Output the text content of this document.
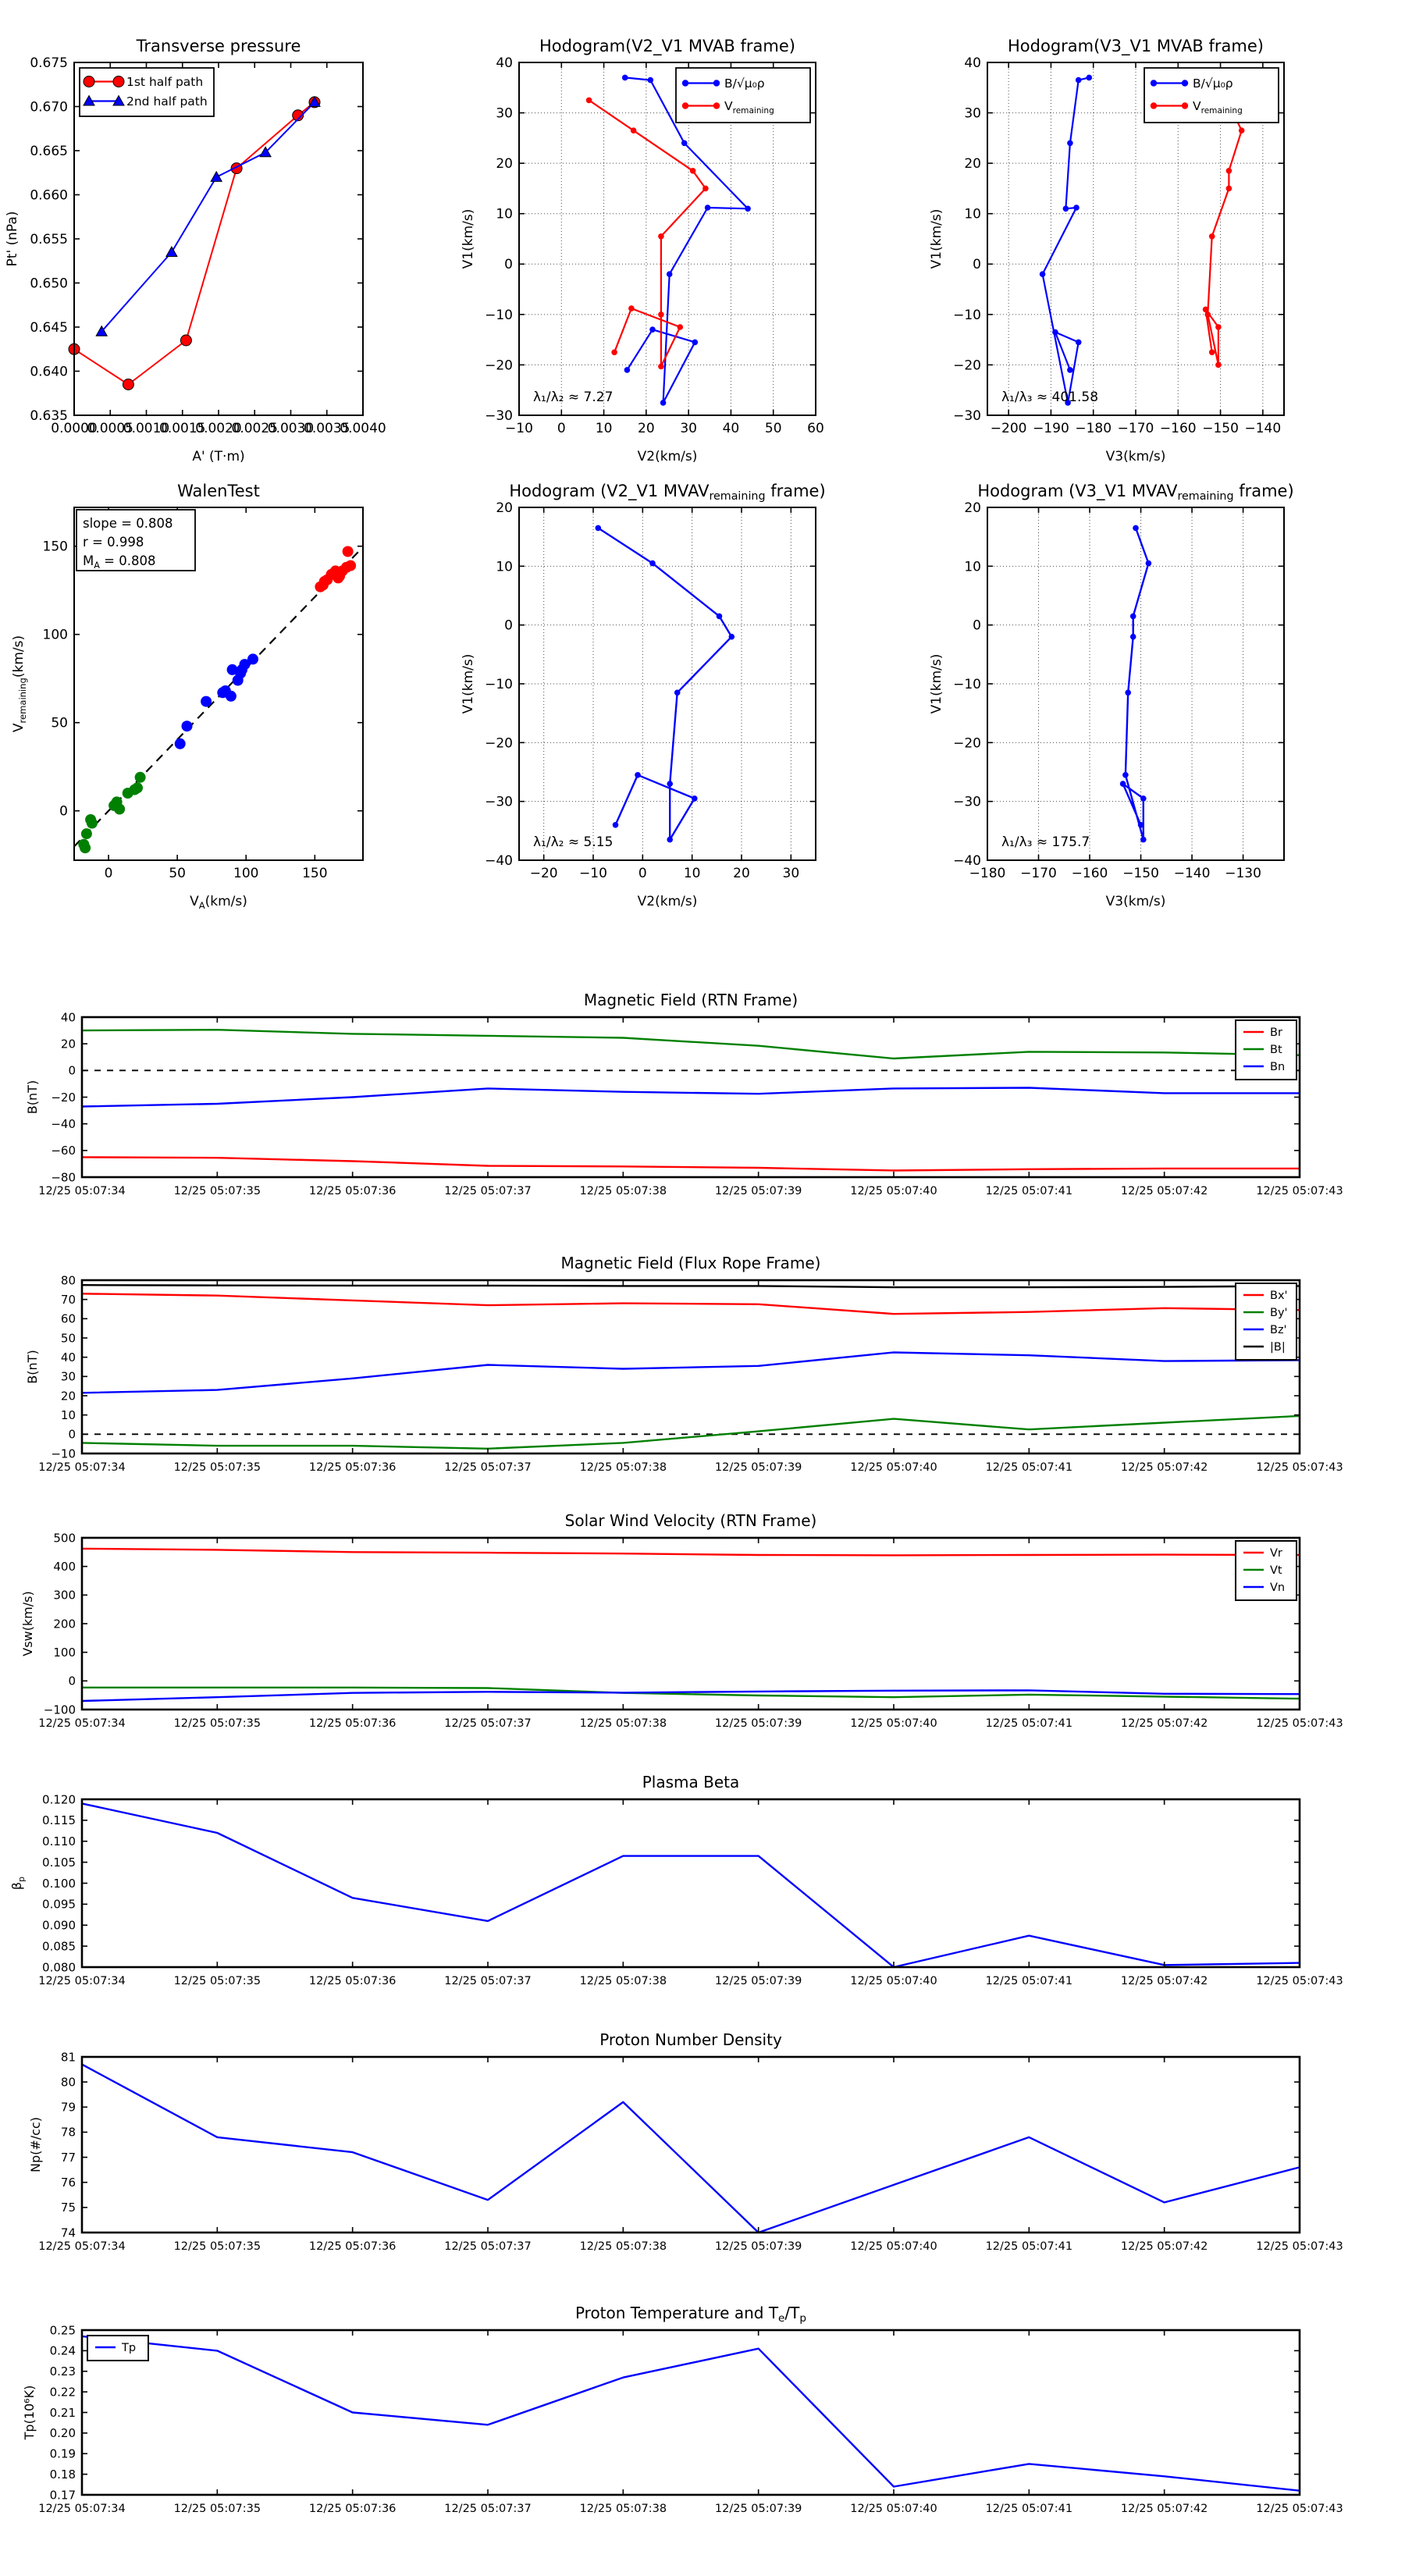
0.0000
0.0005
0.0010
0.0015
0.0020
0.0025
0.0030
0.0035
0.0040
0.635
0.640
0.645
0.650
0.655
0.660
0.665
0.670
0.675
Transverse pressure
A' (T·m)
Pt' (nPa)
1st half path
2nd half path
−10 0 10 20 30 40 50 60
−30
−20
−10
0
10
20
30
40
Hodogram(V2_V1 MVAB frame)
V2(km/s)
V1(km/s)
λ₁/λ₂ ≈ 7.27
B/√μ₀ρ
$V_{remaining}$
−200 −190 −180 −170 −160 −150 −140
−30
−20
−10
0
10
20
30
40
Hodogram(V3_V1 MVAB frame)
V3(km/s)
V1(km/s)
λ₁/λ₃ ≈ 401.58
B/√μ₀ρ
$V_{remaining}$
0	50	100	150
0
50
100
150
WalenTest
$V_A(km/s)$
$V_{remaining}(km/s)$
slope = 0.808
r = 0.998
$M_A = 0.808$
−20 −10 0	10 20 30
−40
−30
−20
−10
0
10
20
Hodogram (V2_V1 MVAVremaining frame)
V2(km/s)
V1(km/s)
λ₁/λ₂ ≈ 5.15
−180 −170 −160 −150 −140 −130
−40
−30
−20
−10
0
10
20
Hodogram (V3_V1 MVAVremaining frame)
V3(km/s)
V1(km/s)
λ₁/λ₃ ≈ 175.7
12/25 05:07:34	12/25 05:07:35	12/25 05:07:36	12/25 05:07:37	12/25 05:07:38	12/25 05:07:39	12/25 05:07:40	12/25 05:07:41	12/25 05:07:42	12/25 05:07:43
−80
−60
−40
−20
0
20
40
Magnetic Field (RTN Frame)
B(nT)
Br
Bt
Bn
12/25 05:07:34	12/25 05:07:35	12/25 05:07:36	12/25 05:07:37	12/25 05:07:38	12/25 05:07:39	12/25 05:07:40	12/25 05:07:41	12/25 05:07:42	12/25 05:07:43
−10
0
10
20
30
40
50
60
70
80
Magnetic Field (Flux Rope Frame)
B(nT)
Bx'
By'
Bz'
|B|
12/25 05:07:34	12/25 05:07:35	12/25 05:07:36	12/25 05:07:37	12/25 05:07:38	12/25 05:07:39	12/25 05:07:40	12/25 05:07:41	12/25 05:07:42	12/25 05:07:43
−100
0
100
200
300
400
500
Solar Wind Velocity (RTN Frame)
Vsw(km/s)
Vr
Vt
Vn
12/25 05:07:34	12/25 05:07:35	12/25 05:07:36	12/25 05:07:37	12/25 05:07:38	12/25 05:07:39	12/25 05:07:40	12/25 05:07:41	12/25 05:07:42	12/25 05:07:43
0.080
0.085
0.090
0.095
0.100
0.105
0.110
0.115
0.120
Plasma Beta
$\beta_p$
12/25 05:07:34	12/25 05:07:35	12/25 05:07:36	12/25 05:07:37	12/25 05:07:38	12/25 05:07:39	12/25 05:07:40	12/25 05:07:41	12/25 05:07:42	12/25 05:07:43
74
75
76
77
78
79
80
81
Proton Number Density
Np(#/cc)
12/25 05:07:34	12/25 05:07:35	12/25 05:07:36	12/25 05:07:37	12/25 05:07:38	12/25 05:07:39	12/25 05:07:40	12/25 05:07:41	12/25 05:07:42	12/25 05:07:43
0.17
0.18
0.19
0.20
0.21
0.22
0.23
0.24
0.25
Proton Temperature and $T_e/T_p$
Tp(10⁶K)
Tp
